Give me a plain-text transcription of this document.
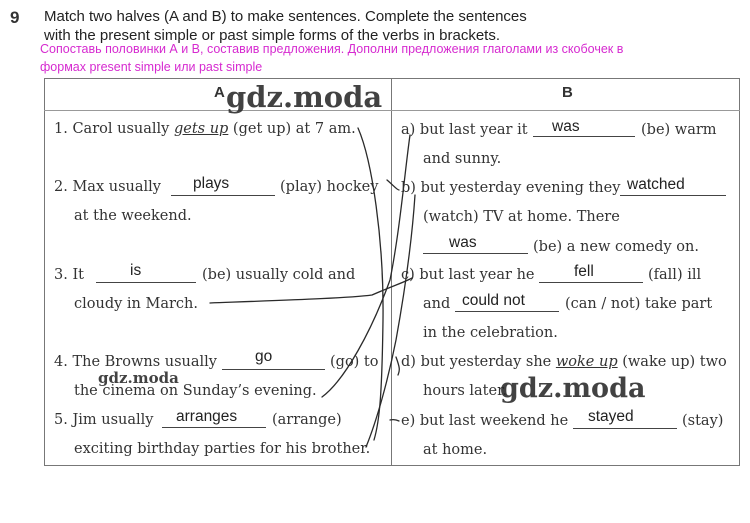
9 Match two halves (A and B) to make sentences. Complete the sentences
with the present simple or past simple forms of the verbs in brackets.
Сопоставь половинки А и В, составив предложения. Дополни предложения глаголами из скобочек в
формах present simple или past simple
A	B
1. Carol usually gets up (get up) at 7 am.
2. Max usually plays	(play) hockey
at the weekend.
3. It	is	(be) usually cold and
cloudy in March.
4. The Browns usually go	(go) to
the cinema on Sunday’s evening.
5. Jim usually arranges (arrange)
exciting birthday parties for his brother.
a) but last year it was	(be) warm
and sunny.
b) but yesterday evening they watched
(watch) TV at home. There
was	(be) a new comedy on.
c) but last year he	fell	(fall) ill
and could not	(can / not) take part
in the celebration.
d) but yesterday she woke up (wake up) two
hours later.
e) but last weekend he stayed	(stay)
at home.
gdz.moda
gdz.moda	gdz.moda
